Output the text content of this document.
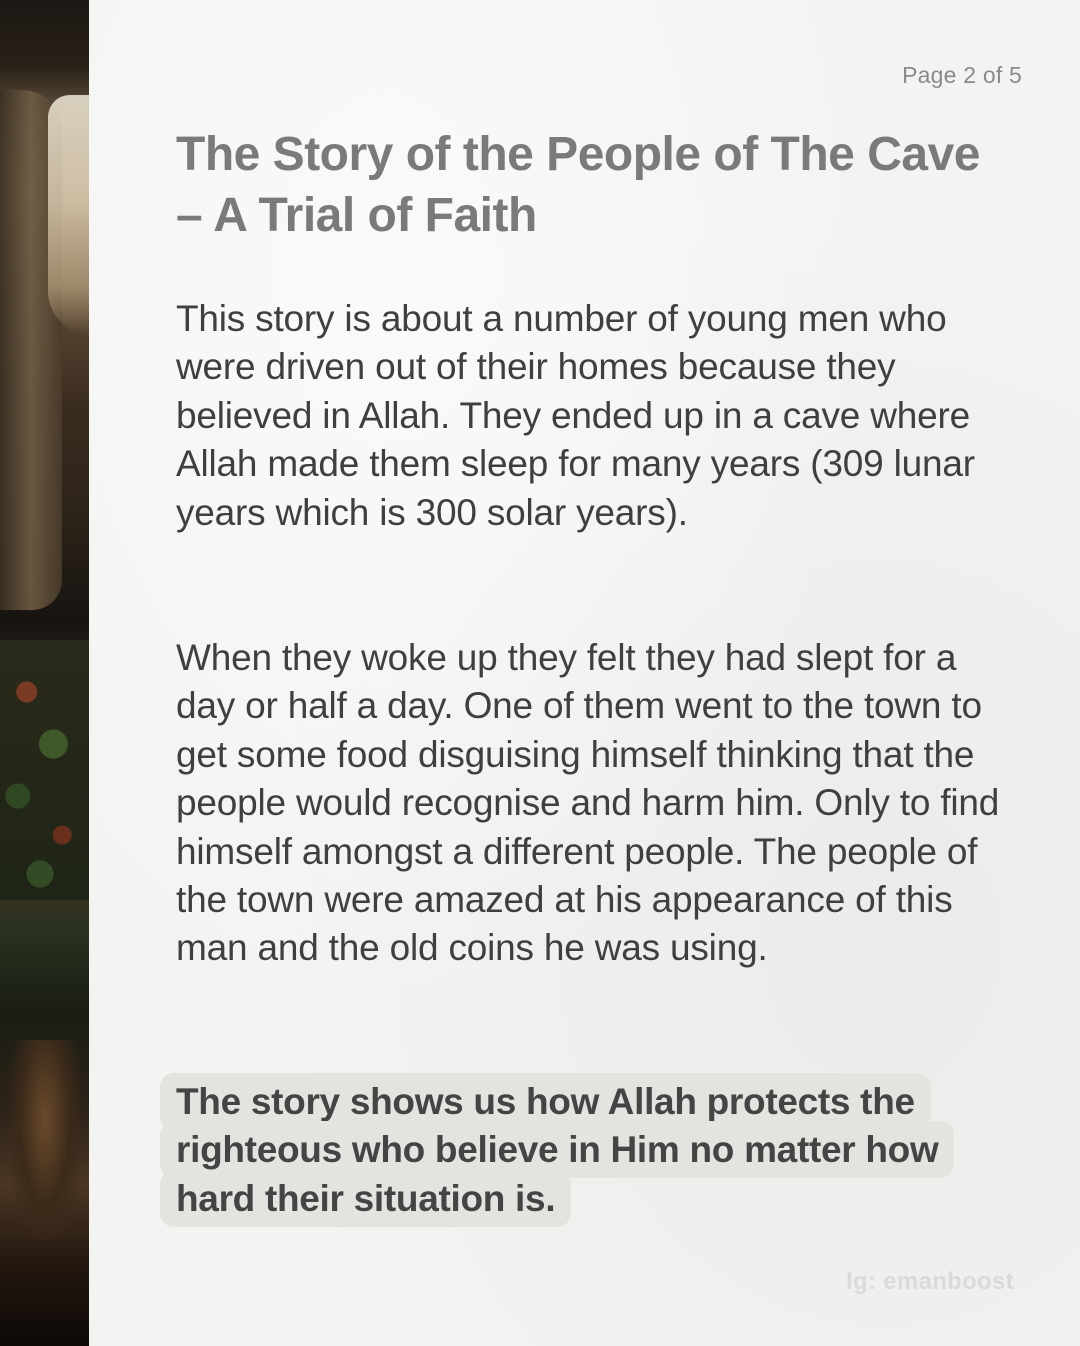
Page 2 of 5

The Story of the People of The Cave – A Trial of Faith

This story is about a number of young men who were driven out of their homes because they believed in Allah. They ended up in a cave where Allah made them sleep for many years (309 lunar years which is 300 solar years).

When they woke up they felt they had slept for a day or half a day. One of them went to the town to get some food disguising himself thinking that the people would recognise and harm him. Only to find himself amongst a different people. The people of the town were amazed at his appearance of this man and the old coins he was using.

The story shows us how Allah protects the righteous who believe in Him no matter how hard their situation is.

Ig: emanboost
